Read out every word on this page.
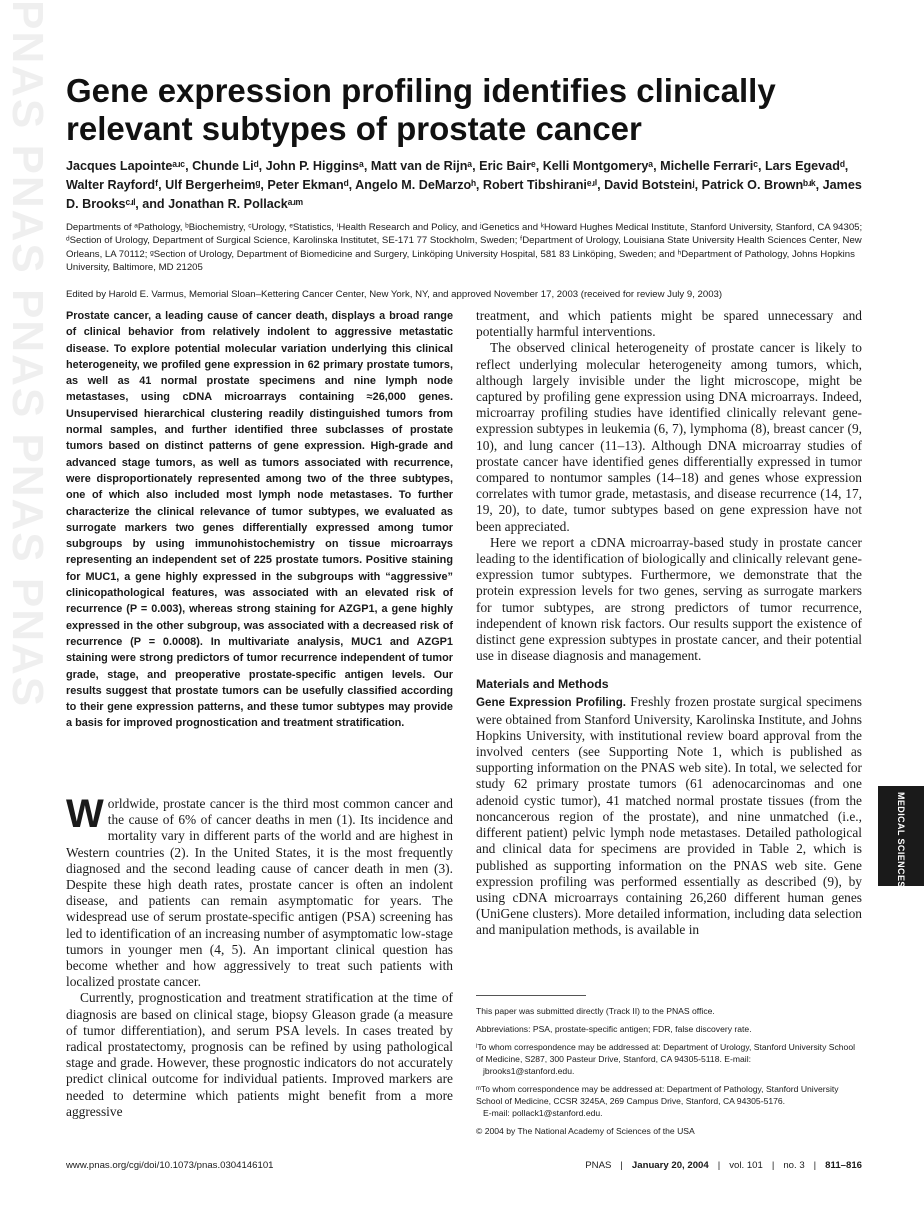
PNAS PNAS PNAS PNAS PNAS Gene expression profiling identifies clinically relevant subtypes of prostate cancer

Jacques Lapointeᵃʴᶜ, Chunde Liᵈ, John P. Higginsᵃ, Matt van de Rijnᵃ, Eric Bairᵉ, Kelli Montgomeryᵃ, Michelle Ferrariᶜ, Lars Egevadᵈ, Walter Rayfordᶠ, Ulf Bergerheimᵍ, Peter Ekmanᵈ, Angelo M. DeMarzoʰ, Robert Tibshiraniᵉʴⁱ, David Botsteinʲ, Patrick O. Brownᵇʴᵏ, James D. Brooksᶜʴˡ, and Jonathan R. Pollackᵃʴᵐ

Departments of ᵃPathology, ᵇBiochemistry, ᶜUrology, ᵉStatistics, ⁱHealth Research and Policy, and ʲGenetics and ᵏHoward Hughes Medical Institute, Stanford University, Stanford, CA 94305; ᵈSection of Urology, Department of Surgical Science, Karolinska Institutet, SE-171 77 Stockholm, Sweden; ᶠDepartment of Urology, Louisiana State University Health Sciences Center, New Orleans, LA 70112; ᵍSection of Urology, Department of Biomedicine and Surgery, Linköping University Hospital, 581 83 Linköping, Sweden; and ʰDepartment of Pathology, Johns Hopkins University, Baltimore, MD 21205

Edited by Harold E. Varmus, Memorial Sloan–Kettering Cancer Center, New York, NY, and approved November 17, 2003 (received for review July 9, 2003)

Prostate cancer, a leading cause of cancer death, displays a broad range of clinical behavior from relatively indolent to aggressive metastatic disease. To explore potential molecular variation underlying this clinical heterogeneity, we profiled gene expression in 62 primary prostate tumors, as well as 41 normal prostate specimens and nine lymph node metastases, using cDNA microarrays containing ≈26,000 genes. Unsupervised hierarchical clustering readily distinguished tumors from normal samples, and further identified three subclasses of prostate tumors based on distinct patterns of gene expression. High-grade and advanced stage tumors, as well as tumors associated with recurrence, were disproportionately represented among two of the three subtypes, one of which also included most lymph node metastases. To further characterize the clinical relevance of tumor subtypes, we evaluated as surrogate markers two genes differentially expressed among tumor subgroups by using immunohistochemistry on tissue microarrays representing an independent set of 225 prostate tumors. Positive staining for MUC1, a gene highly expressed in the subgroups with “aggressive” clinicopathological features, was associated with an elevated risk of recurrence (P = 0.003), whereas strong staining for AZGP1, a gene highly expressed in the other subgroup, was associated with a decreased risk of recurrence (P = 0.0008). In multivariate analysis, MUC1 and AZGP1 staining were strong predictors of tumor recurrence independent of tumor grade, stage, and preoperative prostate-specific antigen levels. Our results suggest that prostate tumors can be usefully classified according to their gene expression patterns, and these tumor subtypes may provide a basis for improved prognostication and treatment stratification.

Worldwide, prostate cancer is the third most common cancer and the cause of 6% of cancer deaths in men (1). Its incidence and mortality vary in different parts of the world and are highest in Western countries (2). In the United States, it is the most frequently diagnosed and the second leading cause of cancer death in men (3). Despite these high death rates, prostate cancer is often an indolent disease, and patients can remain asymptomatic for years. The widespread use of serum prostate-specific antigen (PSA) screening has led to identification of an increasing number of asymptomatic low-stage tumors in younger men (4, 5). An important clinical question has become whether and how aggressively to treat such patients with localized prostate cancer.

Currently, prognostication and treatment stratification at the time of diagnosis are based on clinical stage, biopsy Gleason grade (a measure of tumor differentiation), and serum PSA levels. In cases treated by radical prostatectomy, prognosis can be refined by using pathological stage and grade. However, these prognostic indicators do not accurately predict clinical outcome for individual patients. Improved markers are needed to determine which patients might benefit from a more aggressive

treatment, and which patients might be spared unnecessary and potentially harmful interventions.

The observed clinical heterogeneity of prostate cancer is likely to reflect underlying molecular heterogeneity among tumors, which, although largely invisible under the light microscope, might be captured by profiling gene expression using DNA microarrays. Indeed, microarray profiling studies have identified clinically relevant gene-expression subtypes in leukemia (6, 7), lymphoma (8), breast cancer (9, 10), and lung cancer (11–13). Although DNA microarray studies of prostate cancer have identified genes differentially expressed in tumor compared to nontumor samples (14–18) and genes whose expression correlates with tumor grade, metastasis, and disease recurrence (14, 17, 19, 20), to date, tumor subtypes based on gene expression have not been appreciated.

Here we report a cDNA microarray-based study in prostate cancer leading to the identification of biologically and clinically relevant gene-expression tumor subtypes. Furthermore, we demonstrate that the protein expression levels for two genes, serving as surrogate markers for tumor subtypes, are strong predictors of tumor recurrence, independent of known risk factors. Our results support the existence of distinct gene expression subtypes in prostate cancer, and their potential use in disease diagnosis and management.

Materials and Methods

Gene Expression Profiling. Freshly frozen prostate surgical specimens were obtained from Stanford University, Karolinska Institute, and Johns Hopkins University, with institutional review board approval from the involved centers (see Supporting Note 1, which is published as supporting information on the PNAS web site). In total, we selected for study 62 primary prostate tumors (61 adenocarcinomas and one adenoid cystic tumor), 41 matched normal prostate tissues (from the noncancerous region of the prostate), and nine unmatched (i.e., different patient) pelvic lymph node metastases. Detailed pathological and clinical data for specimens are provided in Table 2, which is published as supporting information on the PNAS web site. Gene expression profiling was performed essentially as described (9), by using cDNA microarrays containing 26,260 different human genes (UniGene clusters). More detailed information, including data selection and manipulation methods, is available in

This paper was submitted directly (Track II) to the PNAS office.

Abbreviations: PSA, prostate-specific antigen; FDR, false discovery rate.

ˡTo whom correspondence may be addressed at: Department of Urology, Stanford University School of Medicine, S287, 300 Pasteur Drive, Stanford, CA 94305-5118. E-mail:
jbrooks1@stanford.edu.

ᵐTo whom correspondence may be addressed at: Department of Pathology, Stanford University School of Medicine, CCSR 3245A, 269 Campus Drive, Stanford, CA 94305-5176.
E-mail: pollack1@stanford.edu.

© 2004 by The National Academy of Sciences of the USA

MEDICAL SCIENCES
www.pnas.org/cgi/doi/10.1073/pnas.0304146101	PNAS | January 20, 2004 | vol. 101 | no. 3 | 811–816
